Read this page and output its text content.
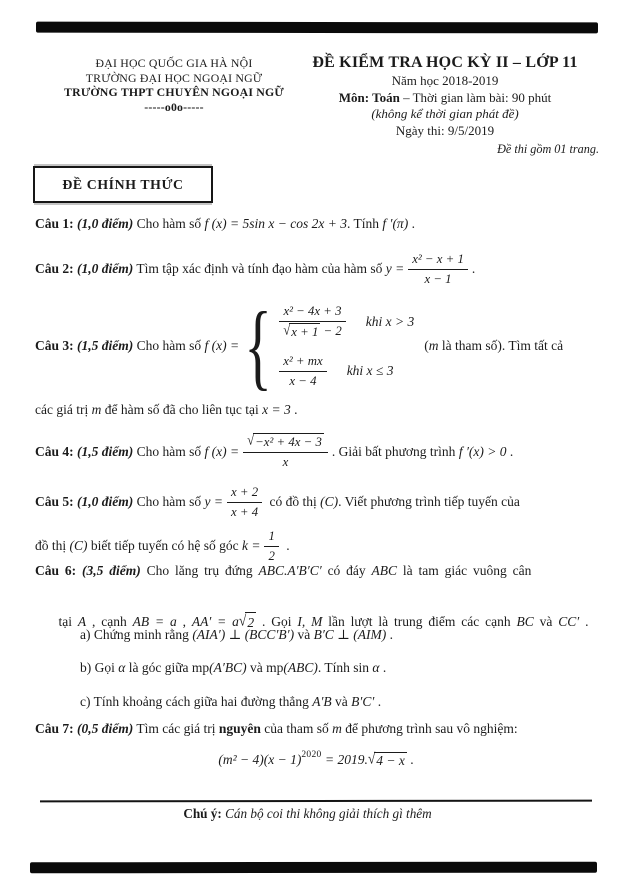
ĐẠI HỌC QUỐC GIA HÀ NỘI
TRƯỜNG ĐẠI HỌC NGOẠI NGỮ
TRƯỜNG THPT CHUYÊN NGOẠI NGỮ
-----o0o-----
ĐỀ KIỂM TRA HỌC KỲ II – LỚP 11
Năm học 2018-2019
Môn: Toán – Thời gian làm bài: 90 phút
(không kể thời gian phát đề)
Ngày thi: 9/5/2019
Đề thi gồm 01 trang.
ĐỀ CHÍNH THỨC
Câu 1: (1,0 điểm) Cho hàm số f (x) = 5sin x − cos 2x + 3. Tính f ′(π) .
Câu 2: (1,0 điểm) Tìm tập xác định và tính đạo hàm của hàm số $y = \frac{\text{x² − x + 1}}{x - 1}$ .
Câu 3: (1,5 điểm) Cho hàm số f (x) = { $\frac{\text{x² − 4x + 3}}{√ x + 1 - 2}$ khi x > 3
$\frac{\text{x² + mx}}{x - 4}$ khi x ≤ 3
(m là tham số). Tìm tất cả
các giá trị m để hàm số đã cho liên tục tại x = 3 .
Câu 4: (1,5 điểm) Cho hàm số f $(x) = \frac{\text{√ −x² + 4x − 3}}{x}$ . Giải bất phương trình f ′(x) > 0 .
Câu 5: (1,0 điểm) Cho hàm số $y = \frac{x + 2}{x + 4}$ có đồ thị (C). Viết phương trình tiếp tuyến của
đồ thị (C) biết tiếp tuyến có hệ số góc $k = \frac{1}{2}$ .
Câu 6: (3,5 điểm) Cho lăng trụ đứng ABC.A′B′C′ có đáy ABC là tam giác vuông cân

tại A , cạnh AB = a , AA′ = a √ 2 . Gọi I, M lần lượt là trung điểm các cạnh BC và CC′ .

a) Chứng minh rằng (AIA′) ⊥ (BCC′B′) và B′C ⊥ (AIM) .
b) Gọi α là góc giữa mp(A′BC) và mp(ABC). Tính sin α .
c) Tính khoảng cách giữa hai đường thẳng A′B và B′C′ .
Câu 7: (0,5 điểm) Tìm các giá trị nguyên của tham số m để phương trình sau vô nghiệm:
$(m^2 - 4)(x - 1)^{2020} = 2019$. √ 4 − x .
Chú ý: Cán bộ coi thi không giải thích gì thêm
